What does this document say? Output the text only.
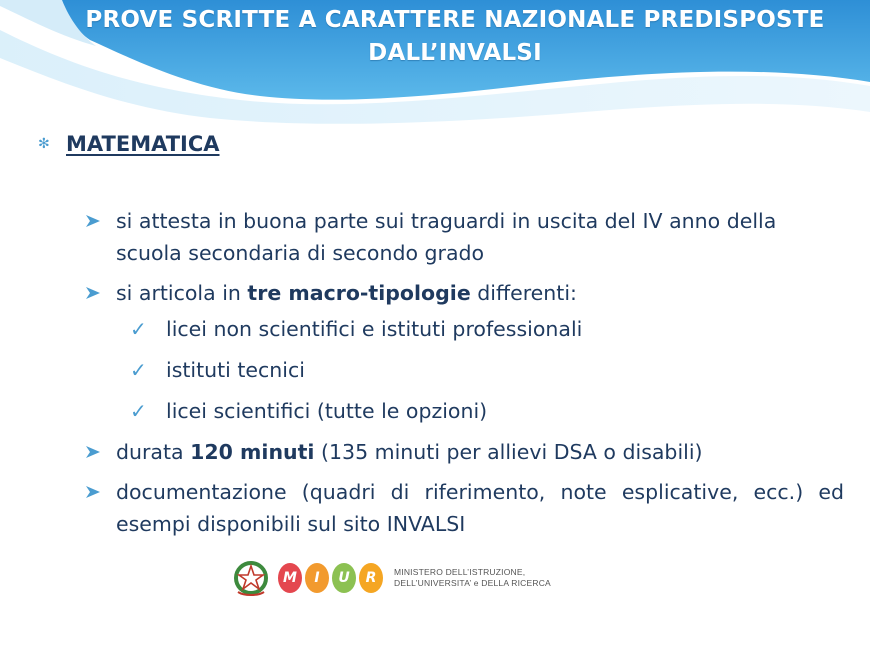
PROVE SCRITTE A CARATTERE NAZIONALE PREDISPOSTE
DALL’INVALSI
✻ MATEMATICA
si attesta in buona parte sui traguardi in uscita del IV anno della scuola secondaria di secondo grado
si articola in tre macro-tipologie differenti:
✓ licei non scientifici e istituti professionali
✓ istituti tecnici
✓ licei scientifici (tutte le opzioni)
durata 120 minuti (135 minuti per allievi DSA o disabili)
documentazione (quadri di riferimento, note esplicative, ecc.) ed esempi disponibili sul sito INVALSI
M	I	U	R	MINISTERO DELL’ISTRUZIONE,
DELL’UNIVERSITA’ e DELLA RICERCA
